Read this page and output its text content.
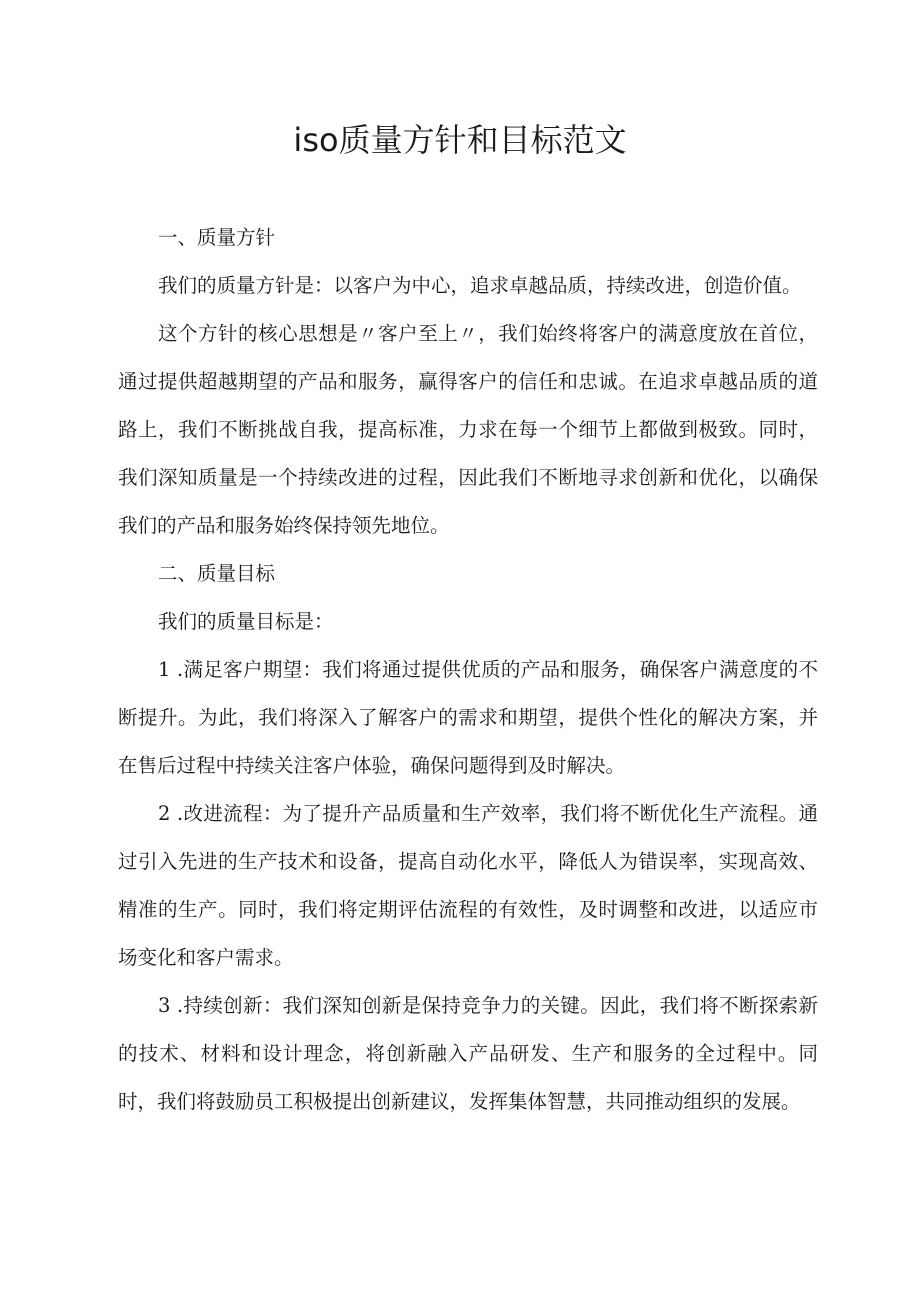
iso质量方针和目标范文

一、质量方针

我们的质量方针是：以客户为中心，追求卓越品质，持续改进，创造价值。

这个方针的核心思想是〃客户至上〃，我们始终将客户的满意度放在首位，通过提供超越期望的产品和服务，赢得客户的信任和忠诚。在追求卓越品质的道路上，我们不断挑战自我，提高标准，力求在每一个细节上都做到极致。同时，我们深知质量是一个持续改进的过程，因此我们不断地寻求创新和优化，以确保我们的产品和服务始终保持领先地位。

二、质量目标

我们的质量目标是：

1 .满足客户期望：我们将通过提供优质的产品和服务，确保客户满意度的不断提升。为此，我们将深入了解客户的需求和期望，提供个性化的解决方案，并在售后过程中持续关注客户体验，确保问题得到及时解决。

2 .改进流程：为了提升产品质量和生产效率，我们将不断优化生产流程。通过引入先进的生产技术和设备，提高自动化水平，降低人为错误率，实现高效、精准的生产。同时，我们将定期评估流程的有效性，及时调整和改进，以适应市场变化和客户需求。

3 .持续创新：我们深知创新是保持竞争力的关键。因此，我们将不断探索新的技术、材料和设计理念，将创新融入产品研发、生产和服务的全过程中。同时，我们将鼓励员工积极提出创新建议，发挥集体智慧，共同推动组织的发展。
